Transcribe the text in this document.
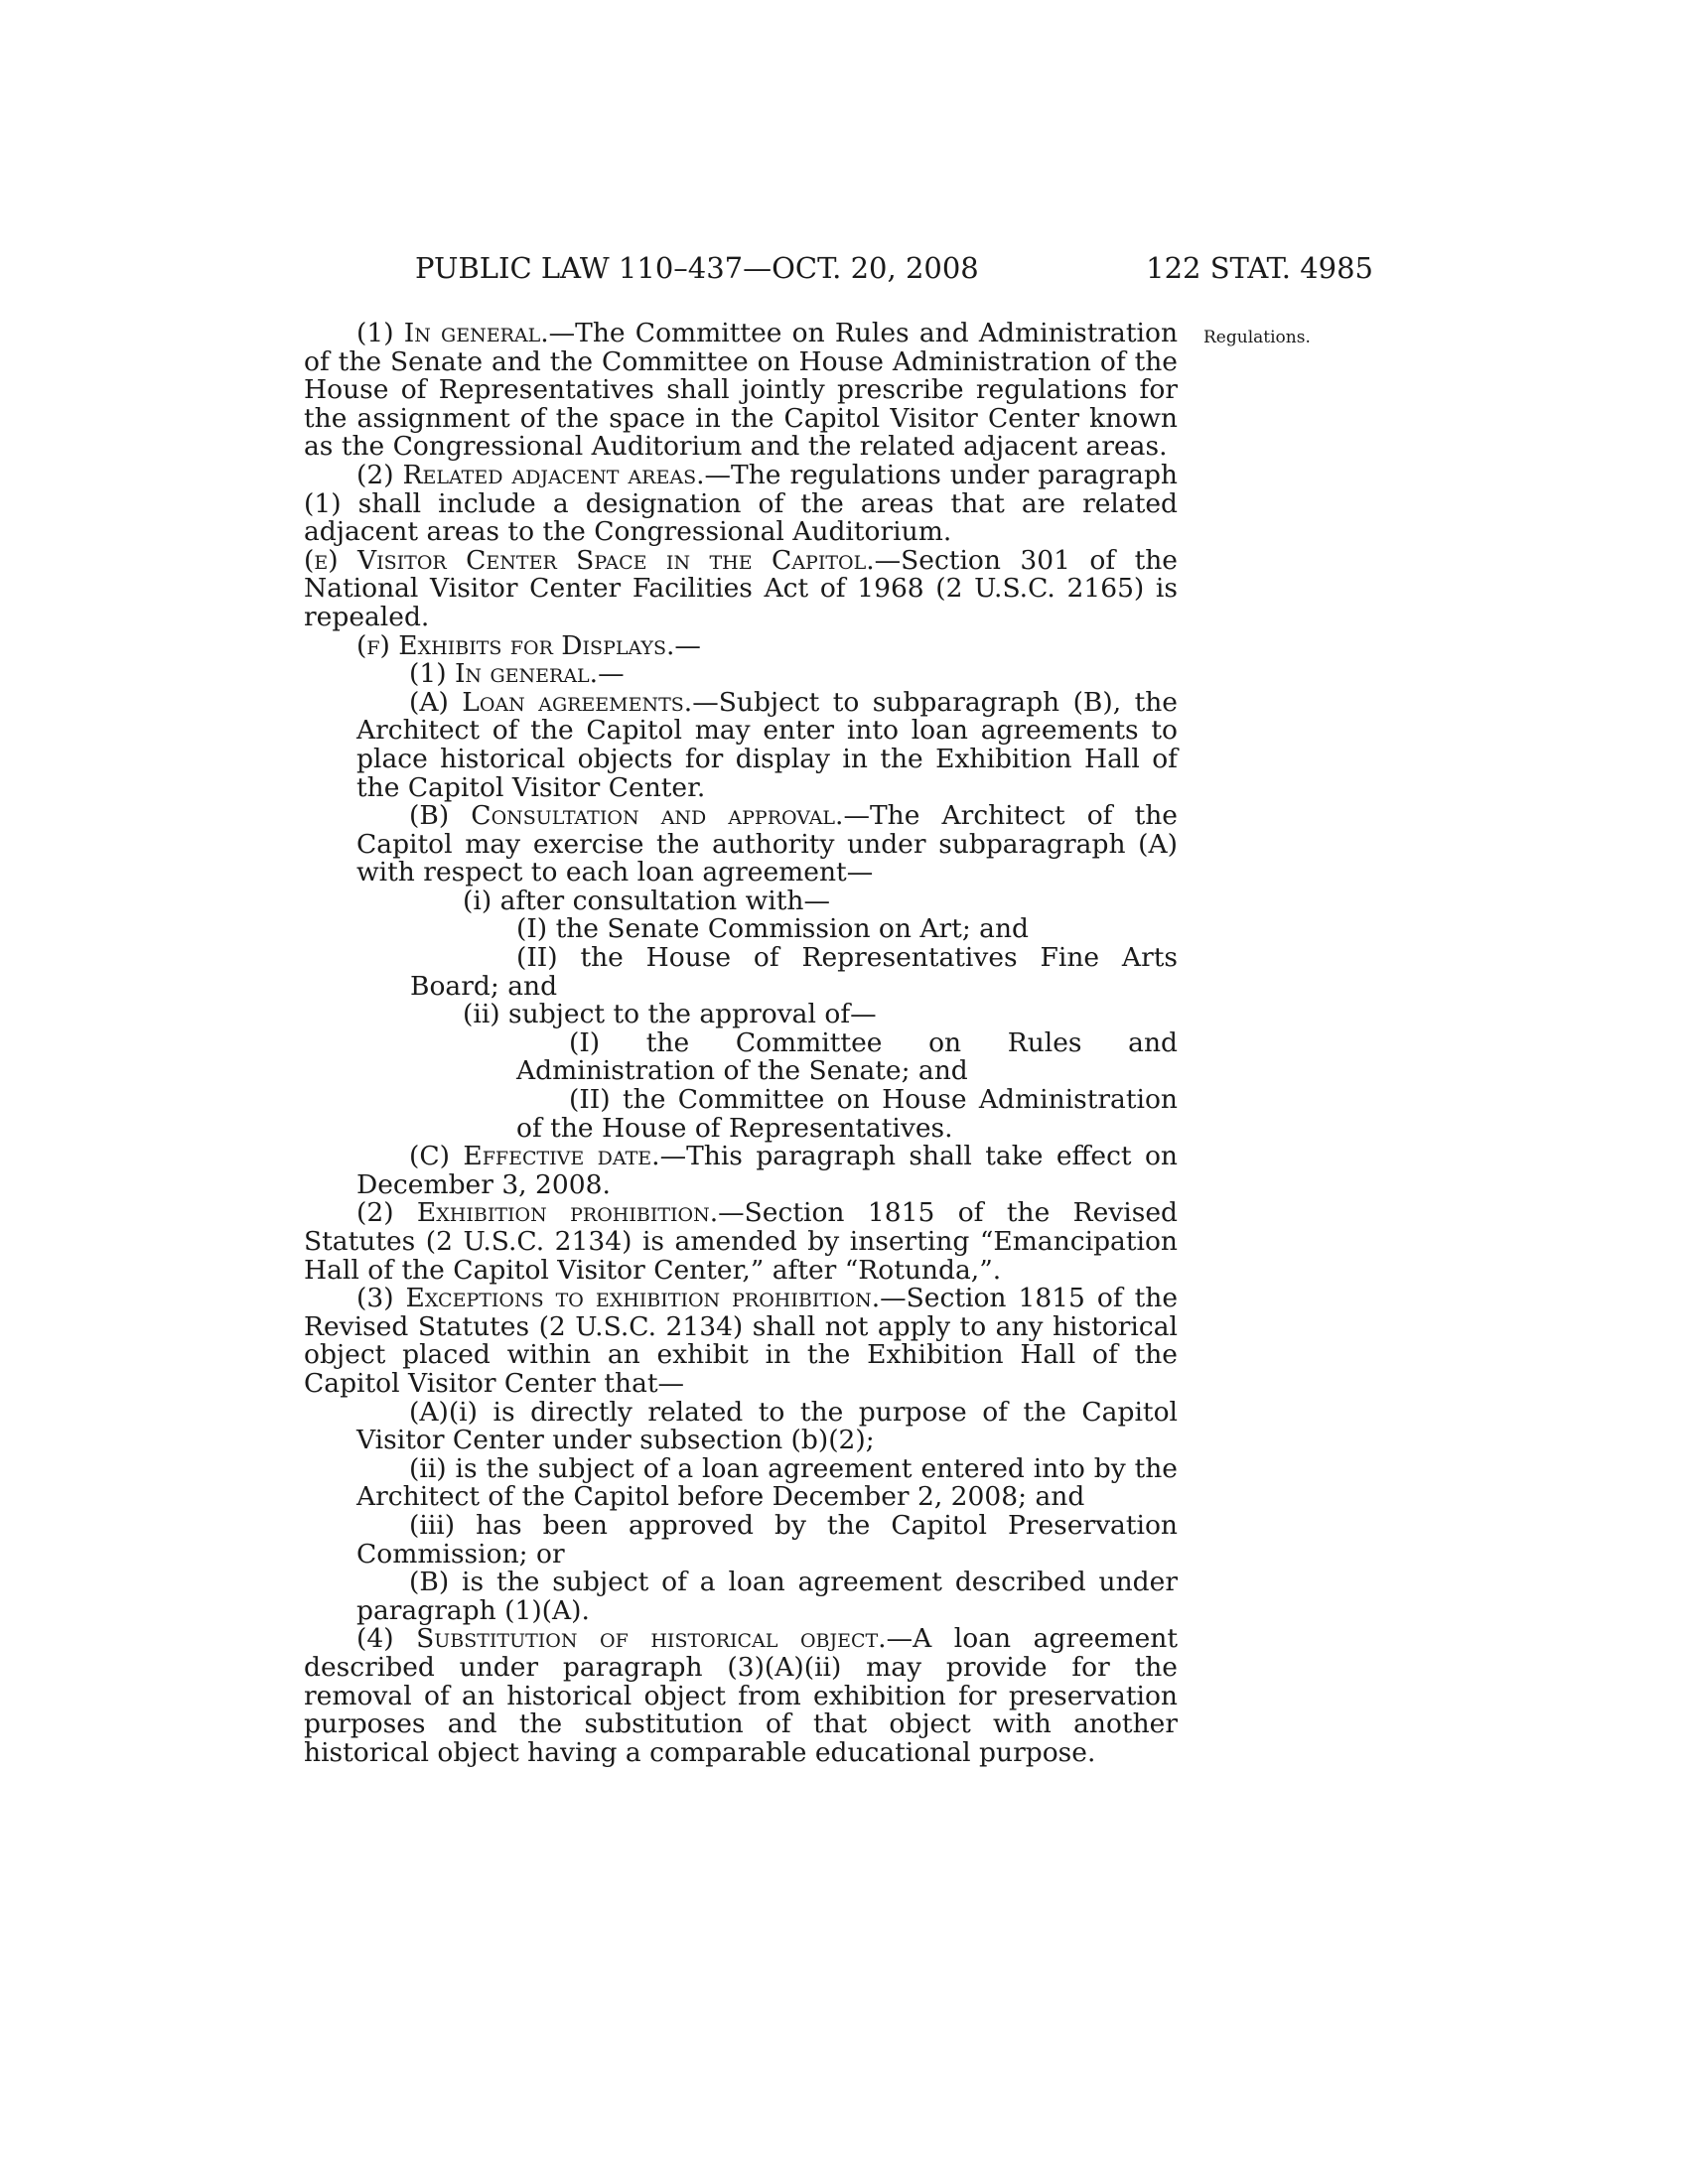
PUBLIC LAW 110–437—OCT. 20, 2008	122 STAT. 4985
Regulations.

(1) In general.—The Committee on Rules and Administration of the Senate and the Committee on House Administration of the House of Representatives shall jointly prescribe regulations for the assignment of the space in the Capitol Visitor Center known as the Congressional Auditorium and the related adjacent areas.

(2) Related adjacent areas.—The regulations under paragraph (1) shall include a designation of the areas that are related adjacent areas to the Congressional Auditorium.

(e) Visitor Center Space in the Capitol.—Section 301 of the National Visitor Center Facilities Act of 1968 (2 U.S.C. 2165) is repealed.

(f) Exhibits for Displays.—

(1) In general.—

(A) Loan agreements.—Subject to subparagraph (B), the Architect of the Capitol may enter into loan agreements to place historical objects for display in the Exhibition Hall of the Capitol Visitor Center.

(B) Consultation and approval.—The Architect of the Capitol may exercise the authority under subparagraph (A) with respect to each loan agreement—

(i) after consultation with—

(I) the Senate Commission on Art; and

(II) the House of Representatives Fine Arts Board; and

(ii) subject to the approval of—

(I) the Committee on Rules and Administration of the Senate; and

(II) the Committee on House Administration of the House of Representatives.

(C) Effective date.—This paragraph shall take effect on December 3, 2008.

(2) Exhibition prohibition.—Section 1815 of the Revised Statutes (2 U.S.C. 2134) is amended by inserting “Emancipation Hall of the Capitol Visitor Center,” after “Rotunda,”.

(3) Exceptions to exhibition prohibition.—Section 1815 of the Revised Statutes (2 U.S.C. 2134) shall not apply to any historical object placed within an exhibit in the Exhibition Hall of the Capitol Visitor Center that—

(A)(i) is directly related to the purpose of the Capitol Visitor Center under subsection (b)(2);

(ii) is the subject of a loan agreement entered into by the Architect of the Capitol before December 2, 2008; and

(iii) has been approved by the Capitol Preservation Commission; or

(B) is the subject of a loan agreement described under paragraph (1)(A).

(4) Substitution of historical object.—A loan agreement described under paragraph (3)(A)(ii) may provide for the removal of an historical object from exhibition for preservation purposes and the substitution of that object with another historical object having a comparable educational purpose.
